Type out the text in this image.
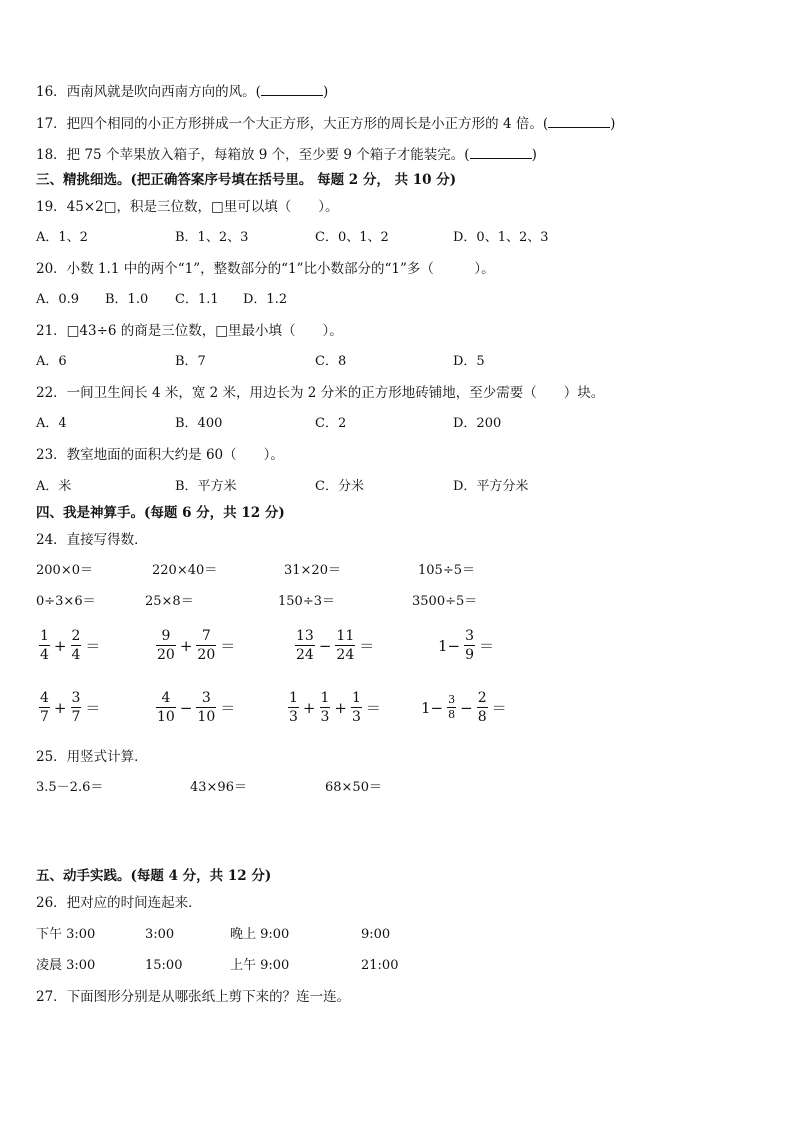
16．西南风就是吹向西南方向的风。(	)
17．把四个相同的小正方形拼成一个大正方形，大正方形的周长是小正方形的 4 倍。(	)
18．把 75 个苹果放入箱子，每箱放 9 个，至少要 9 个箱子才能装完。(	)
三、精挑细选。(把正确答案序号填在括号里。 每题 2 分， 共 10 分)
19．45×2□，积是三位数，□里可以填（　　）。
A．1、2	B．1、2、3	C．0、1、2	D．0、1、2、3
20．小数 1.1 中的两个“1”，整数部分的“1”比小数部分的“1”多（　　　）。
A．0.9 B．1.0 C．1.1 D．1.2
21．□43÷6 的商是三位数，□里最小填（　　）。
A．6	B．7	C．8	D．5
22．一间卫生间长 4 米，宽 2 米，用边长为 2 分米的正方形地砖铺地，至少需要（　　）块。
A．4	B．400	C．2	D．200
23．教室地面的面积大约是 60（　　）。
A．米	B．平方米	C．分米	D．平方分米
四、我是神算手。(每题 6 分，共 12 分)
24．直接写得数．
200×0＝	220×40＝	31×20＝	105÷5＝
0÷3×6＝	25×8＝	150÷3＝	3500÷5＝
$\frac{1}{4} + \frac{2}{4}$ ＝	$\frac{9}{20} + \frac{7}{20}$ ＝	$\frac{13}{24} - \frac{11}{24}$ ＝	$1- \frac{3}{9}$ ＝
$\frac{4}{7} + \frac{3}{7}$ ＝	$\frac{4}{10} - \frac{3}{10}$ ＝	$\frac{1}{3} + \frac{1}{3} + \frac{1}{3}$ ＝	$1- \frac{3}{8} - \frac{2}{8}$ ＝
25．用竖式计算．
3.5－2.6＝	43×96＝	68×50＝
五、动手实践。(每题 4 分，共 12 分)
26．把对应的时间连起来．
下午 3:00	3:00	晚上 9:00	9:00
凌晨 3:00	15:00	上午 9:00	21:00
27．下面图形分别是从哪张纸上剪下来的？连一连。
